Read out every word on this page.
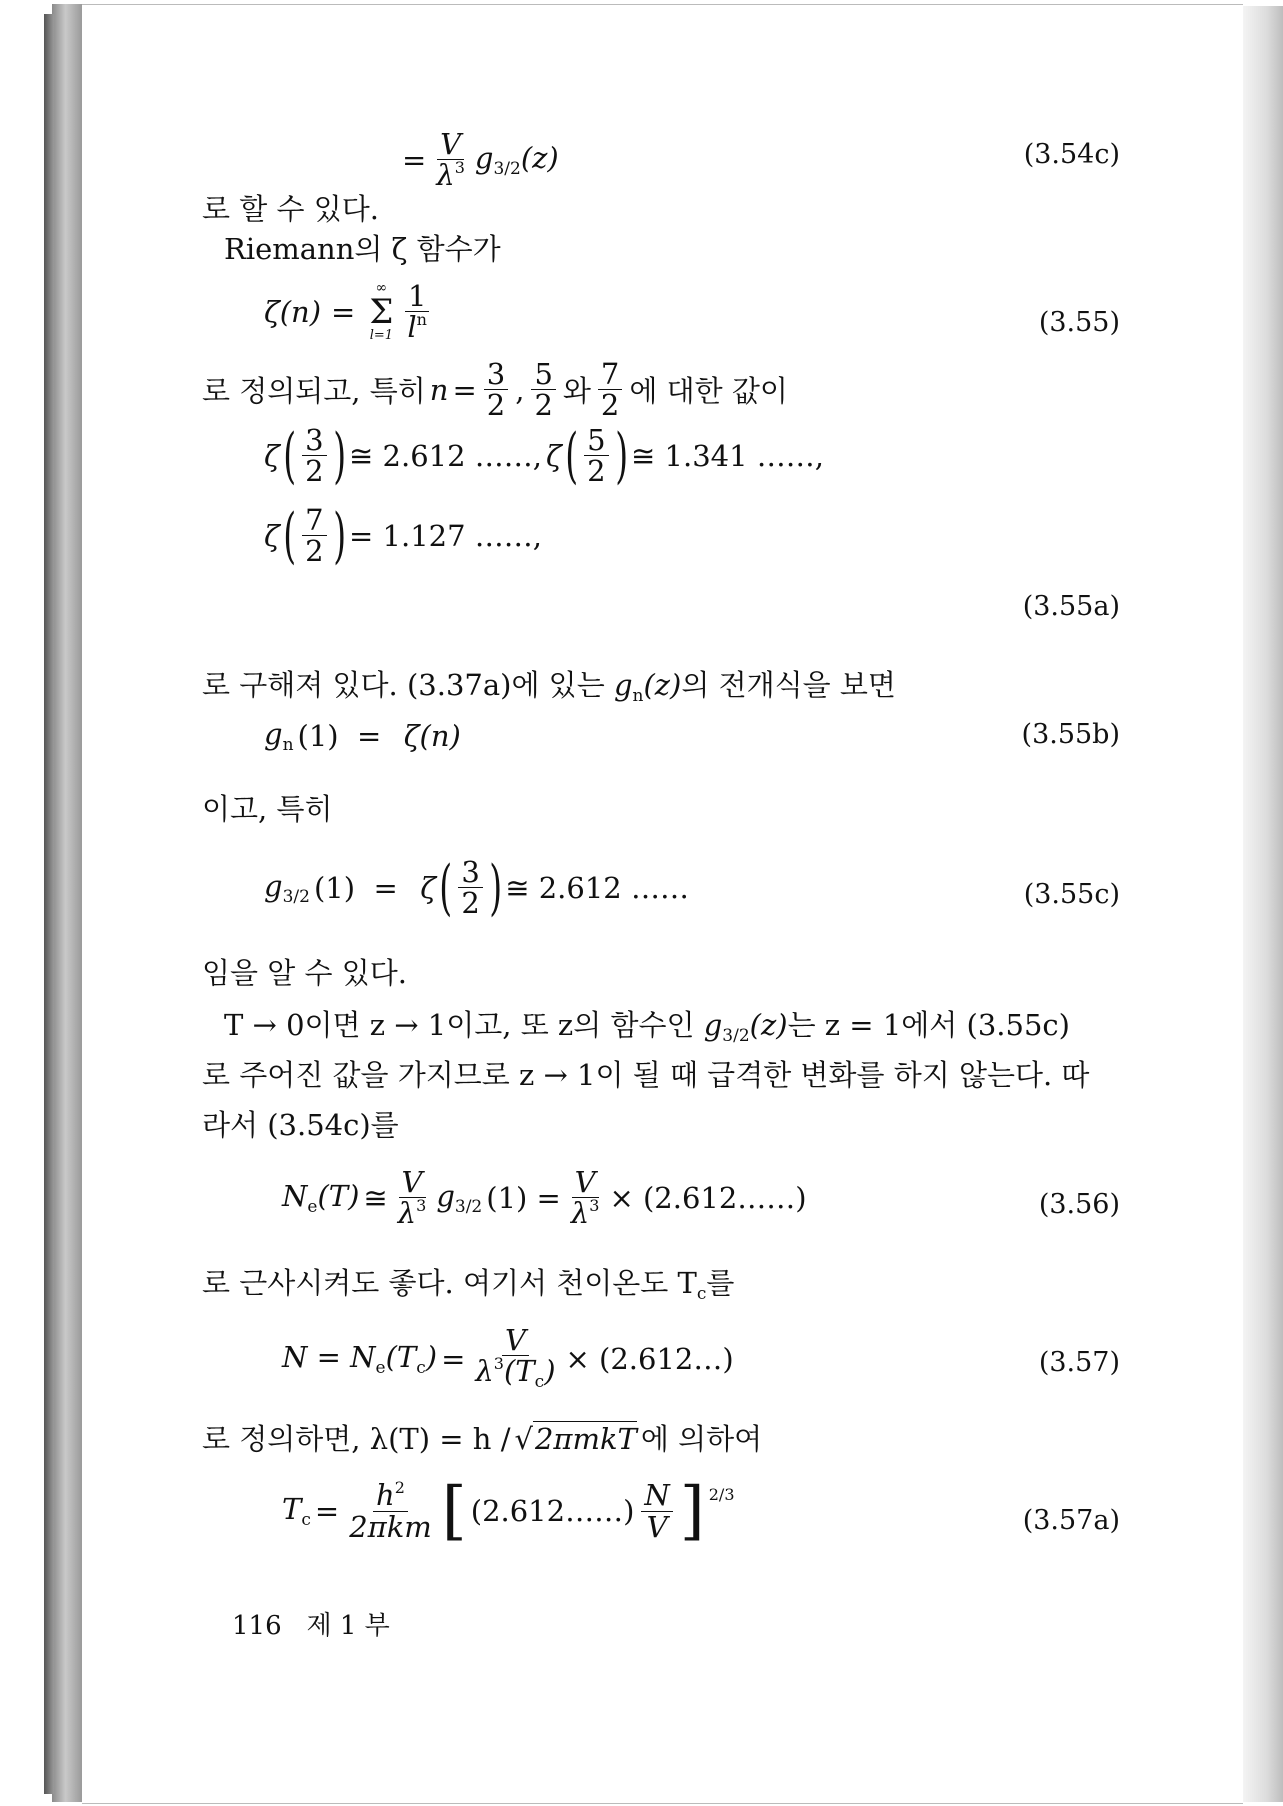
= $\frac{V}{\lambda^3} g_{3/2}(z)$	(3.54c)
로 할 수 있다.
Riemann의 ζ 함수가
ζ(n) =
∞
Σ
$l=1 \frac{1}{l^n}$	(3.55)
로 정의되고, 특히 $n = \frac{3}{2}$ , $\frac{5}{2}$ 와 $\frac{7}{2}$ 에 대한 값이
ζ ( $\frac{3}{2}$ ) ≅ 2.612 ……, ζ ( $\frac{5}{2}$ ) ≅ 1.341 ……,
ζ ( $\frac{7}{2}$ ) = 1.127 ……,
(3.55a)
로 구해져 있다. (3.37a)에 있는 $g_n(z)$의 전개식을 보면
$g_n$ (1)  = ζ(n)	(3.55b)
이고, 특히
$g_{3/2}$ (1)  = ζ ( $\frac{3}{2}$ ) ≅ 2.612 ……	(3.55c)
임을 알 수 있다.
T → 0이면 z → 1이고, 또 z의 함수인 $g_{3/2}(z)$는 z = 1에서 (3.55c)
로 주어진 값을 가지므로 z → 1이 될 때 급격한 변화를 하지 않는다. 따
라서 (3.54c)를
$N_e(T)$ ≅ $\frac{V}{\lambda^3} g_{3/2}$ $(1) = \frac{V}{\lambda^3}$ × (2.612……)	(3.56)
로 근사시켜도 좋다. 여기서 천이온도 $T_c$를
$N = N_e(T_c) = \frac{V}{\lambda^3(T_c)}$ × (2.612…)	(3.57)
로 정의하면, λ(T) = h / √2πmkT 에 의하여
$T_c = \frac{h^2}{\text{2πkm}}$ [ (2.612……) $\frac{N}{V}$ ] 2/3
(3.57a)
116 제 1 부
